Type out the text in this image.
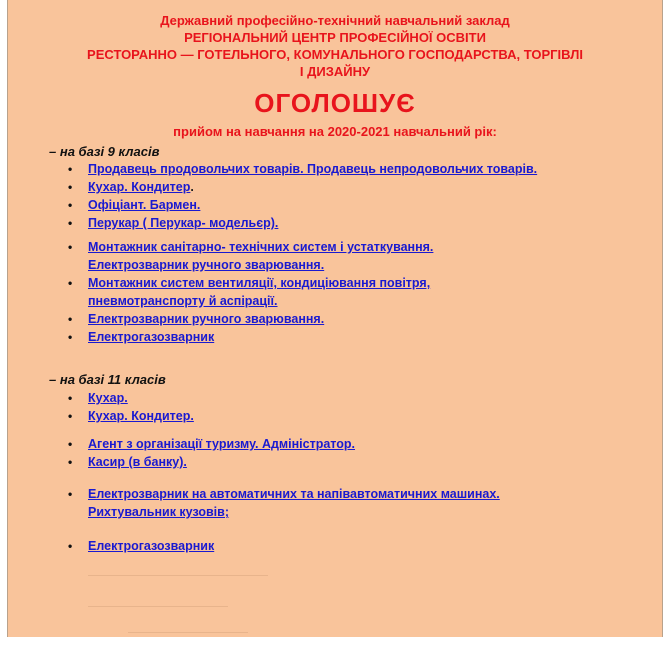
Державний професійно-технічний навчальний заклад
РЕГІОНАЛЬНИЙ ЦЕНТР ПРОФЕСІЙНОЇ ОСВІТИ
РЕСТОРАННО — ГОТЕЛЬНОГО, КОМУНАЛЬНОГО ГОСПОДАРСТВА, ТОРГІВЛІ
І ДИЗАЙНУ
ОГОЛОШУЄ
прийом на навчання на 2020-2021 навчальний рік:
– на базі 9 класів
• Продавець продовольчих товарів. Продавець непродовольчих товарів.
• Кухар. Кондитер.
• Офіціант. Бармен.
• Перукар ( Перукар- модельєр).
• Монтажник санітарно- технічних систем і устаткування.
Електрозварник ручного зварювання.
• Монтажник систем вентиляції, кондиціювання повітря,
пневмотранспорту й аспірації.
• Електрозварник ручного зварювання.
• Електрогазозварник
– на базі 11 класів
• Кухар.
• Кухар. Кондитер.
• Агент з організації туризму. Адміністратор.
• Касир (в банку).
• Електрозварник на автоматичних та напівавтоматичних машинах.
Рихтувальник кузовів;
• Електрогазозварник
